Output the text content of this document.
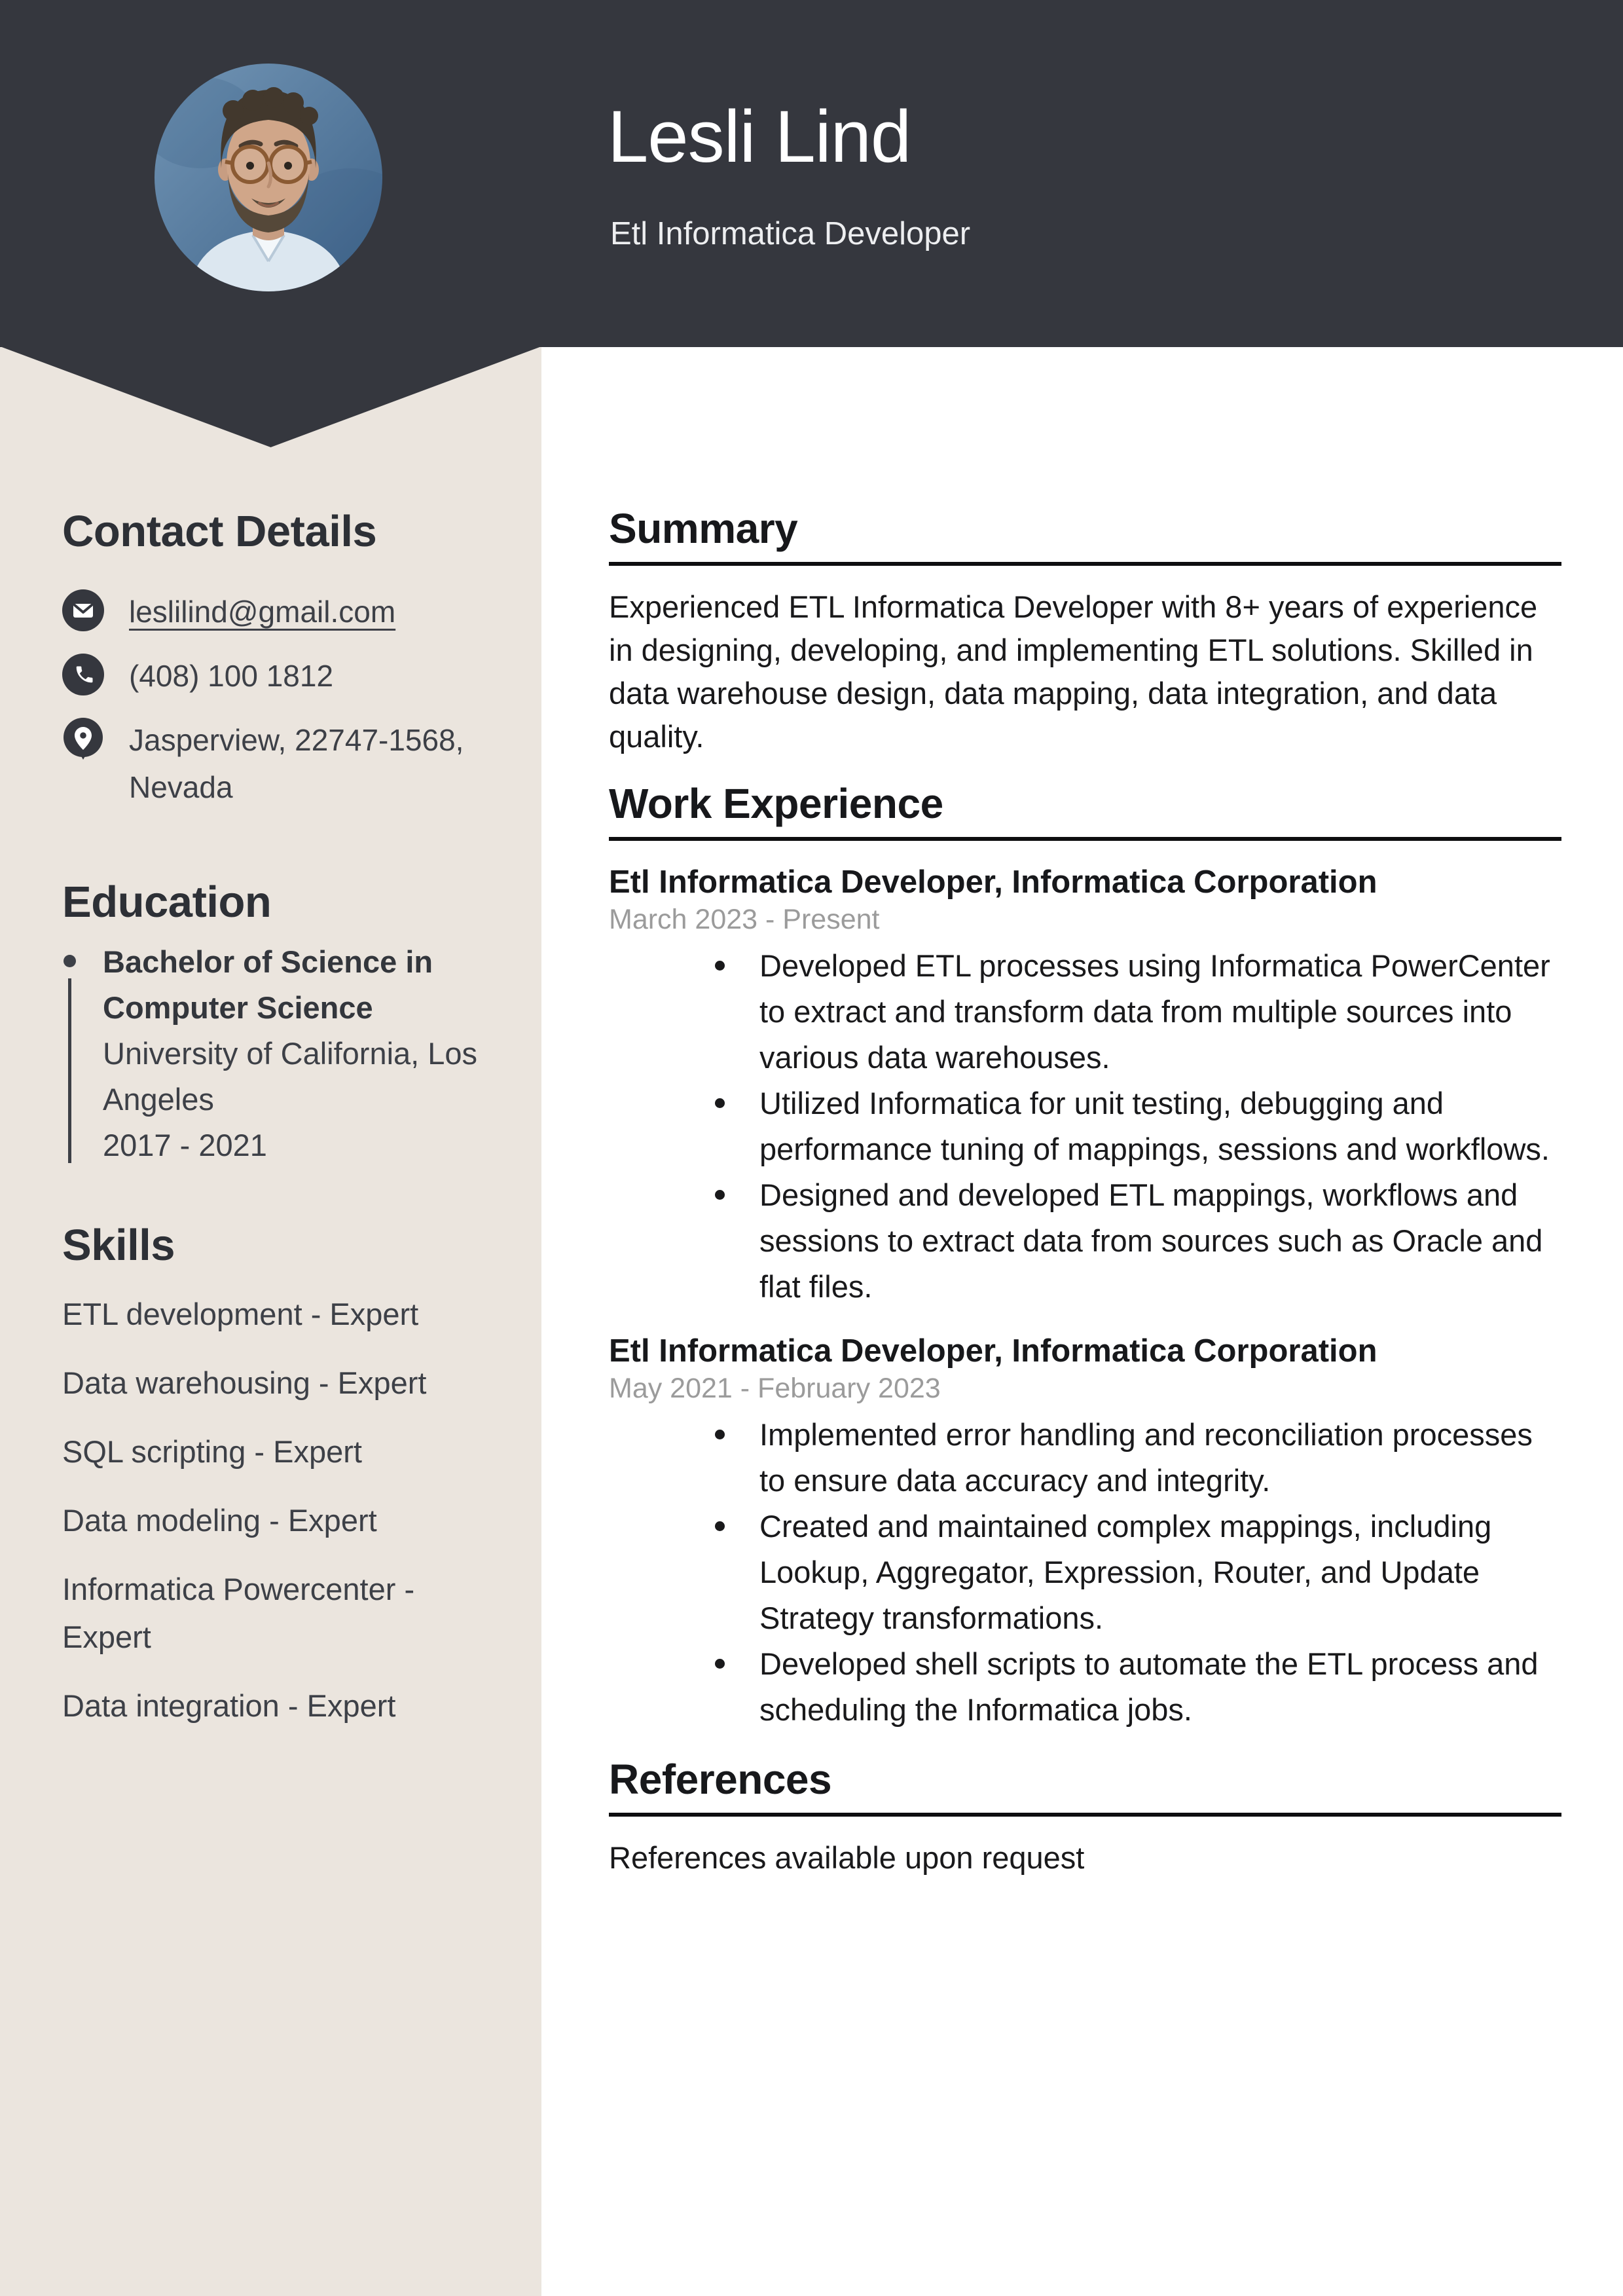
Lesli Lind
Etl Informatica Developer
Contact Details
leslilind@gmail.com
(408) 100 1812
Jasperview, 22747-1568, Nevada
Education
Bachelor of Science in Computer Science
University of California, Los Angeles
2017 - 2021
Skills
ETL development - Expert
Data warehousing - Expert
SQL scripting - Expert
Data modeling - Expert
Informatica Powercenter - Expert
Data integration - Expert
Summary
Experienced ETL Informatica Developer with 8+ years of experience in designing, developing, and implementing ETL solutions. Skilled in data warehouse design, data mapping, data integration, and data quality.
Work Experience
Etl Informatica Developer, Informatica Corporation
March 2023 - Present
Developed ETL processes using Informatica PowerCenter to extract and transform data from multiple sources into various data warehouses.
Utilized Informatica for unit testing, debugging and performance tuning of mappings, sessions and workflows.
Designed and developed ETL mappings, workflows and sessions to extract data from sources such as Oracle and flat files.
Etl Informatica Developer, Informatica Corporation
May 2021 - February 2023
Implemented error handling and reconciliation processes to ensure data accuracy and integrity.
Created and maintained complex mappings, including Lookup, Aggregator, Expression, Router, and Update Strategy transformations.
Developed shell scripts to automate the ETL process and scheduling the Informatica jobs.
References
References available upon request
